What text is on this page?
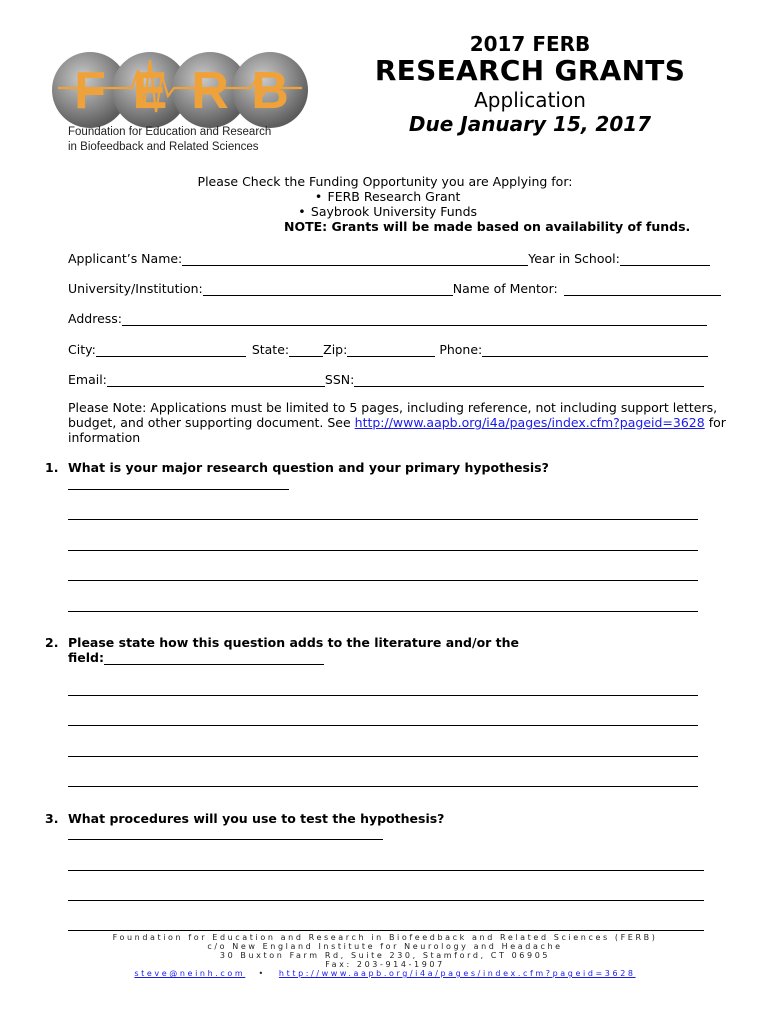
F E R B
Foundation for Education and Research
in Biofeedback and Related Sciences
2017 FERB
RESEARCH GRANTS
Application
Due January 15, 2017
Please Check the Funding Opportunity you are Applying for:
• FERB Research Grant
• Saybrook University Funds
NOTE: Grants will be made based on availability of funds.
Applicant’s Name:	Year in School:
University/Institution:	Name of Mentor:
Address:
City:	State:	Zip:	Phone:
Email:	SSN:
Please Note: Applications must be limited to 5 pages, including reference, not including support letters, budget, and other supporting document. See http://www.aapb.org/i4a/pages/index.cfm?pageid=3628 for information
1. What is your major research question and your primary hypothesis?
2. Please state how this question adds to the literature and/or the
field:
3. What procedures will you use to test the hypothesis?
Foundation for Education and Research in Biofeedback and Related Sciences (FERB)
c/o New England Institute for Neurology and Headache
30 Buxton Farm Rd, Suite 230, Stamford, CT 06905
Fax: 203-914-1907
steve@neinh.com • http://www.aapb.org/i4a/pages/index.cfm?pageid=3628
